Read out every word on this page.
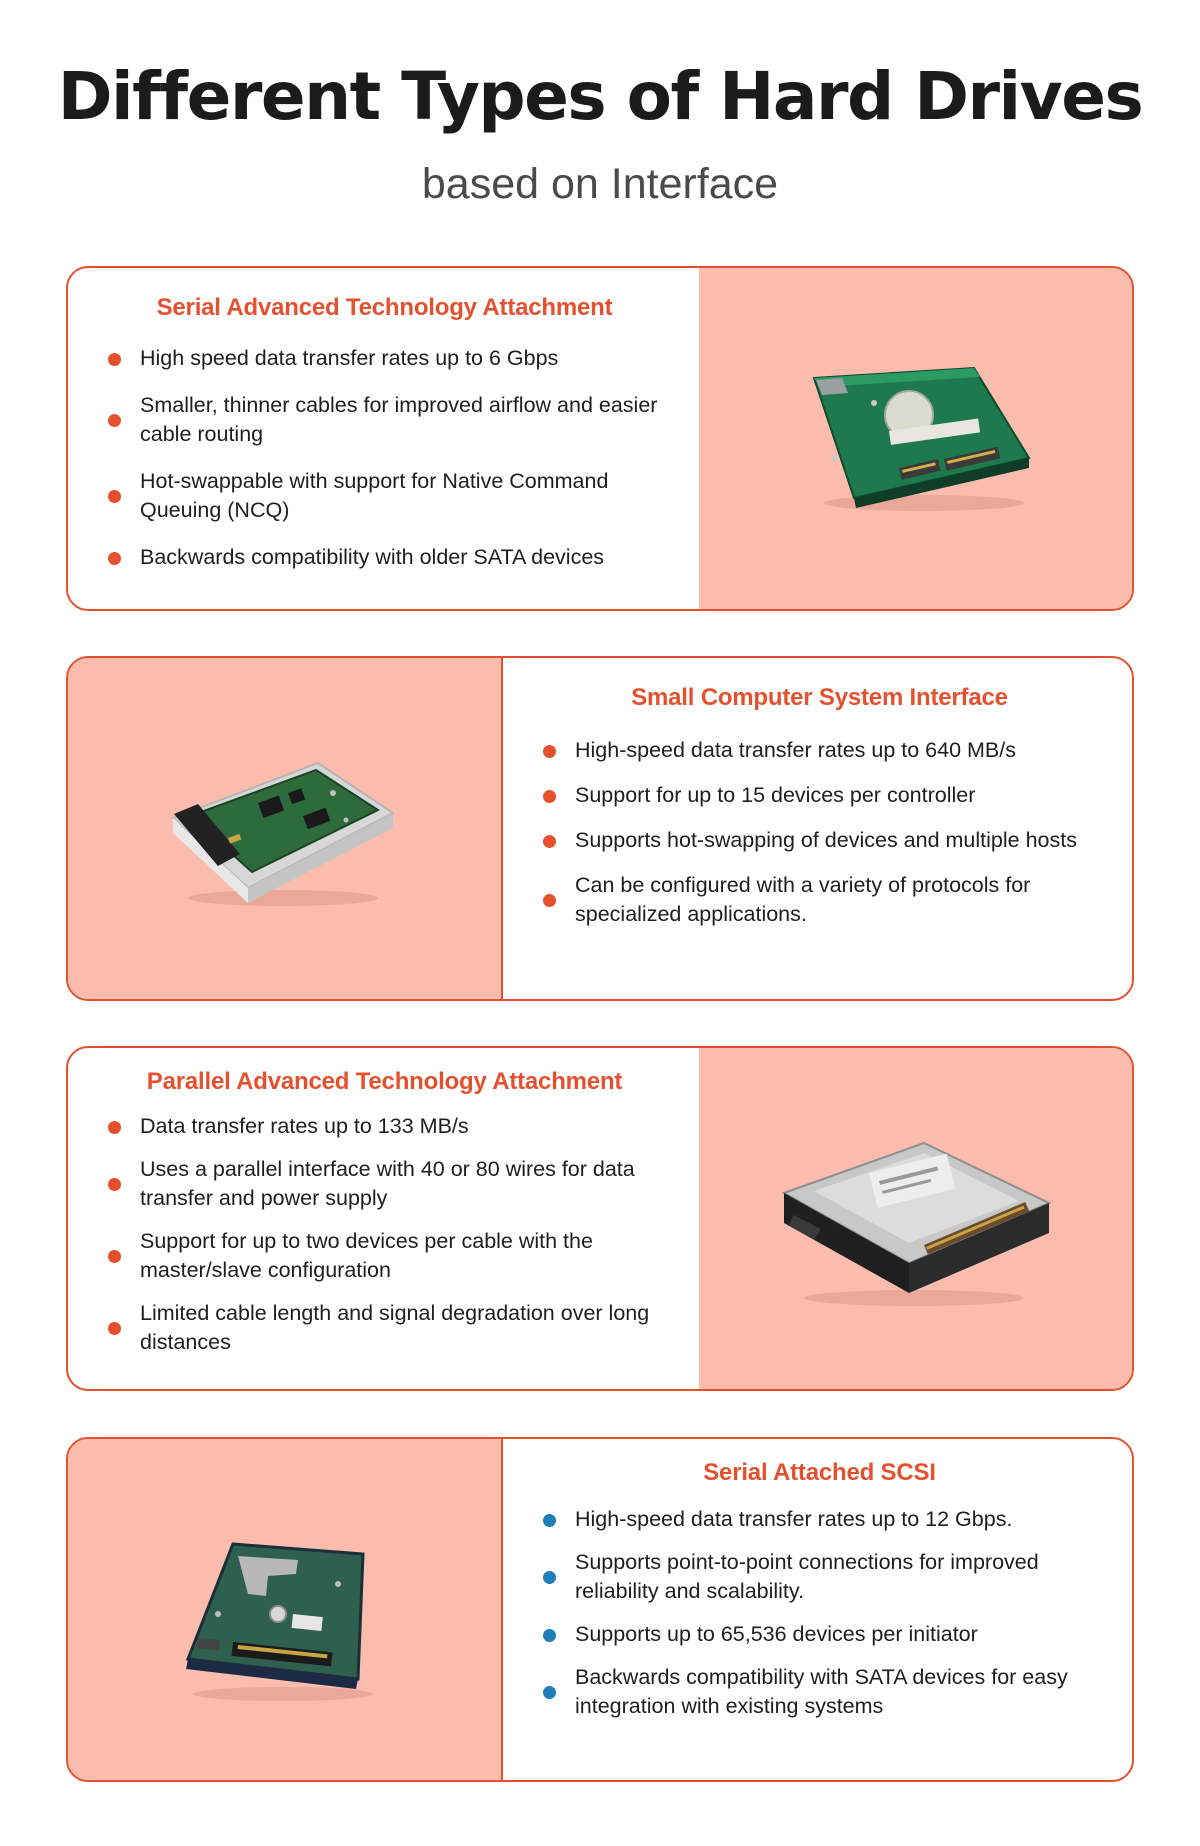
Different Types of Hard Drives
based on Interface
Serial Advanced Technology Attachment
High speed data transfer rates up to 6 Gbps
Smaller, thinner cables for improved airflow and easier cable routing
Hot-swappable with support for Native Command Queuing (NCQ)
Backwards compatibility with older SATA devices
Small Computer System Interface
High-speed data transfer rates up to 640 MB/s
Support for up to 15 devices per controller
Supports hot-swapping of devices and multiple hosts
Can be configured with a variety of protocols for specialized applications.
Parallel Advanced Technology Attachment
Data transfer rates up to 133 MB/s
Uses a parallel interface with 40 or 80 wires for data transfer and power supply
Support for up to two devices per cable with the master/slave configuration
Limited cable length and signal degradation over long distances
Serial Attached SCSI
High-speed data transfer rates up to 12 Gbps.
Supports point-to-point connections for improved reliability and scalability.
Supports up to 65,536 devices per initiator
Backwards compatibility with SATA devices for easy integration with existing systems
